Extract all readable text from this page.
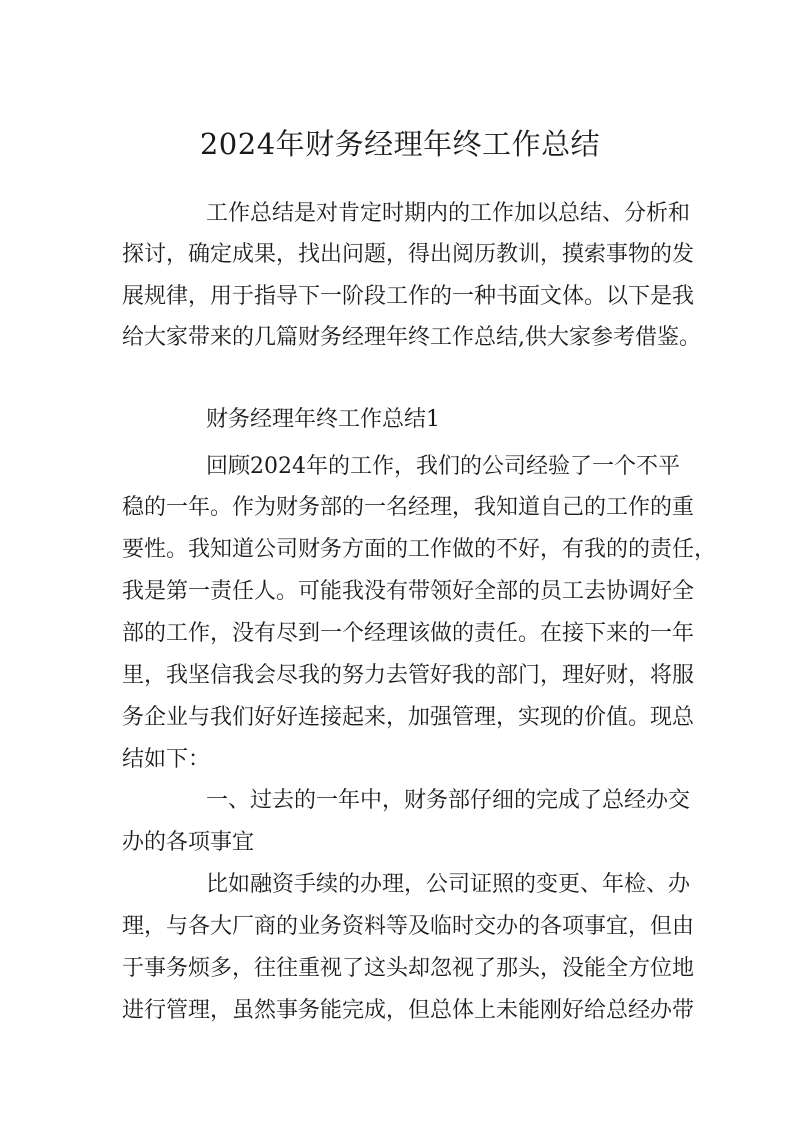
2024年财务经理年终工作总结
工作总结是对肯定时期内的工作加以总结、分析和
探讨，确定成果，找出问题，得出阅历教训，摸索事物的发
展规律，用于指导下一阶段工作的一种书面文体。以下是我
给大家带来的几篇财务经理年终工作总结,供大家参考借鉴。
财务经理年终工作总结1
回顾2024年的工作，我们的公司经验了一个不平
稳的一年。作为财务部的一名经理，我知道自己的工作的重
要性。我知道公司财务方面的工作做的不好，有我的的责任，
我是第一责任人。可能我没有带领好全部的员工去协调好全
部的工作，没有尽到一个经理该做的责任。在接下来的一年
里，我坚信我会尽我的努力去管好我的部门，理好财，将服
务企业与我们好好连接起来，加强管理，实现的价值。现总
结如下：
一、过去的一年中，财务部仔细的完成了总经办交
办的各项事宜
比如融资手续的办理，公司证照的变更、年检、办
理，与各大厂商的业务资料等及临时交办的各项事宜，但由
于事务烦多，往往重视了这头却忽视了那头，没能全方位地
进行管理，虽然事务能完成，但总体上未能刚好给总经办带
